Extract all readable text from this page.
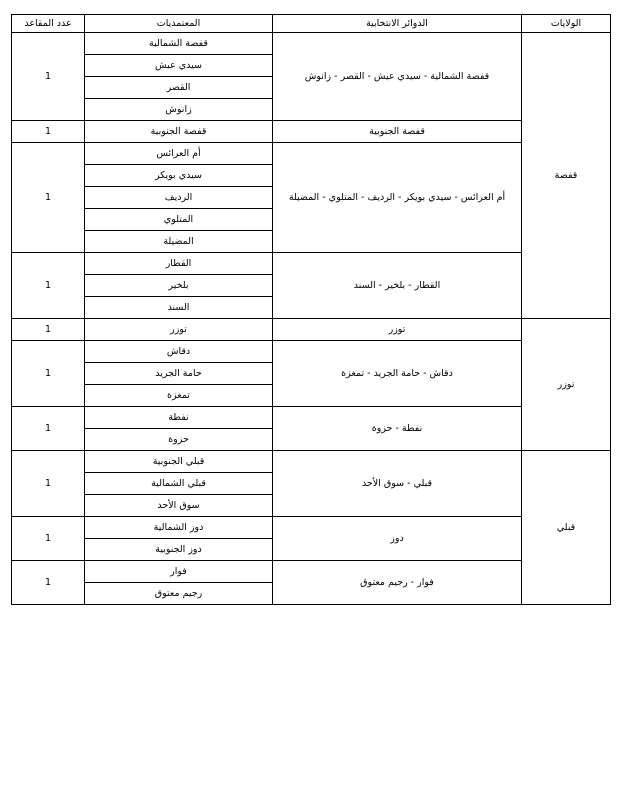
الولايات	الدوائر الانتخابية	المعتمديات	عدد المقاعد
قفصة	قفصة الشمالية - سيدي عيش - القصر - زانوش	قفصة الشمالية	1
		سيدي عيش	
		القصر	
		زانوش	
	قفصة الجنوبية	قفصة الجنوبية	1
	أم العرائس - سيدي بويكر - الرديف - المتلوي - المضيلة	أم العرائس	1
		سيدي بويكر	
		الرديف	
		المتلوي	
		المضيلة	
	القطار - بلخير - السند	القطار	1
		بلخير	
		السند	
توزر	توزر	توزر	1
	دقاش - حامة الجريد - تمغزة	دقاش	1
		حامة الجريد	
		تمغزة	
	نفطة - حزوة	نفطة	1
		حزوة	
قبلي	قبلي - سوق الأحد	قبلي الجنوبية	1
		قبلي الشمالية	
		سوق الأحد	
	دوز	دوز الشمالية	1
		دوز الجنوبية	
	فوار - رجيم معتوق	فوار	1
		رجيم معتوق	
